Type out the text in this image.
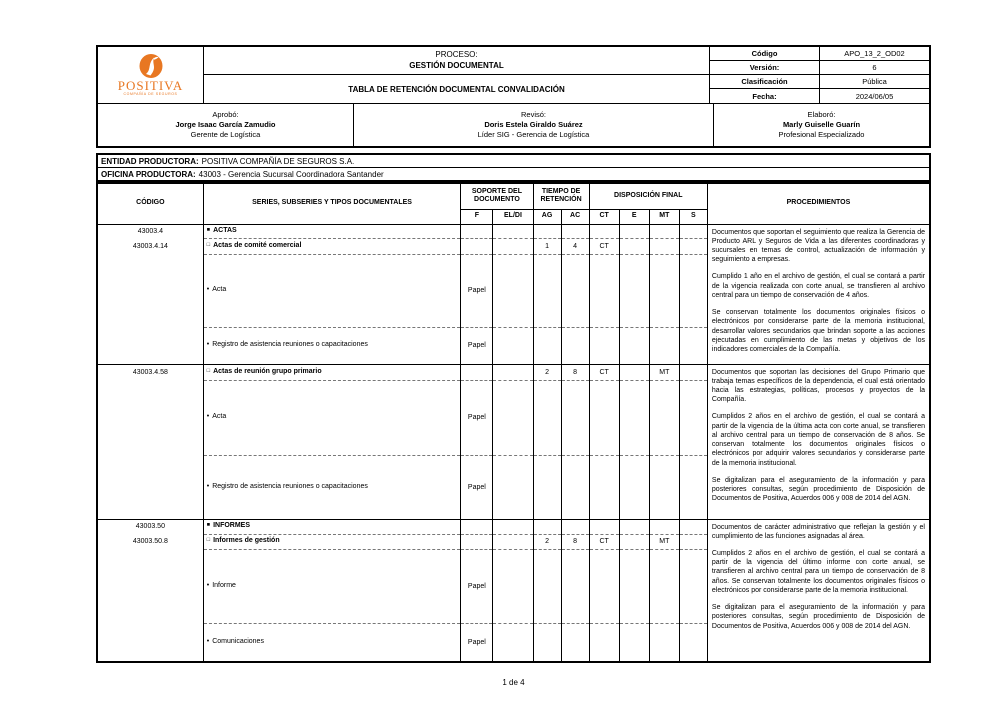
POSITIVA
COMPAÑÍA DE SEGUROS
PROCESO:
GESTIÓN DOCUMENTAL
TABLA DE RETENCIÓN DOCUMENTAL CONVALIDACIÓN
Código	APO_13_2_OD02
Versión:	6
Clasificación	Pública
Fecha:	2024/06/05
Aprobó:
Jorge Isaac García Zamudio
Gerente de Logística
Revisó:
Doris Estela Giraldo Suárez
Líder SIG - Gerencia de Logística
Elaboró:
Marly Guiselle Guarín
Profesional Especializado
ENTIDAD PRODUCTORA: POSITIVA COMPAÑÍA DE SEGUROS S.A.
OFICINA PRODUCTORA: 43003 - Gerencia Sucursal Coordinadora Santander
CÓDIGO	SERIES, SUBSERIES Y TIPOS DOCUMENTALES	SOPORTE DEL DOCUMENTO		TIEMPO DE RETENCIÓN		DISPOSICIÓN FINAL				PROCEDIMIENTOS
		F	EL/DI	AG	AC	CT	E	MT	S	
43003.4	■ ACTAS									Documentos que soportan el seguimiento que realiza la Gerencia de Producto ARL y Seguros de Vida a las diferentes coordinadoras y sucursales en temas de control, actualización de información y seguimiento a empresas.

Cumplido 1 año en el archivo de gestión, el cual se contará a partir de la vigencia realizada con corte anual, se transfieren al archivo central para un tiempo de conservación de 4 años.

Se conservan totalmente los documentos originales físicos o electrónicos por considerarse parte de la memoria institucional, desarrollar valores secundarios que brindan soporte a las acciones ejecutadas en cumplimiento de las metas y objetivos de los indicadores comerciales de la Compañía.

43003.4.14	□ Actas de comité comercial			1	4	CT				
	• Acta	Papel								
	• Registro de asistencia reuniones o capacitaciones	Papel								
43003.4.58	□ Actas de reunión grupo primario			2	8	CT		MT		Documentos que soportan las decisiones del Grupo Primario que trabaja temas específicos de la dependencia, el cual está orientado hacia las estrategias, políticas, procesos y proyectos de la Compañía.

Cumplidos 2 años en el archivo de gestión, el cual se contará a partir de la vigencia de la última acta con corte anual, se transfieren al archivo central para un tiempo de conservación de 8 años. Se conservan totalmente los documentos originales físicos o electrónicos por adquirir valores secundarios y considerarse parte de la memoria institucional.

Se digitalizan para el aseguramiento de la información y para posteriores consultas, según procedimiento de Disposición de Documentos de Positiva, Acuerdos 006 y 008 de 2014 del AGN.

	• Acta	Papel								
	• Registro de asistencia reuniones o capacitaciones	Papel								
43003.50	■ INFORMES									Documentos de carácter administrativo que reflejan la gestión y el cumplimiento de las funciones asignadas al área.

Cumplidos 2 años en el archivo de gestión, el cual se contará a partir de la vigencia del último informe con corte anual, se transfieren al archivo central para un tiempo de conservación de 8 años. Se conservan totalmente los documentos originales físicos o electrónicos por considerarse parte de la memoria institucional.

Se digitalizan para el aseguramiento de la información y para posteriores consultas, según procedimiento de Disposición de Documentos de Positiva, Acuerdos 006 y 008 de 2014 del AGN.

43003.50.8	□ Informes de gestión			2	8	CT		MT		
	• Informe	Papel								
	• Comunicaciones	Papel								
1 de 4
